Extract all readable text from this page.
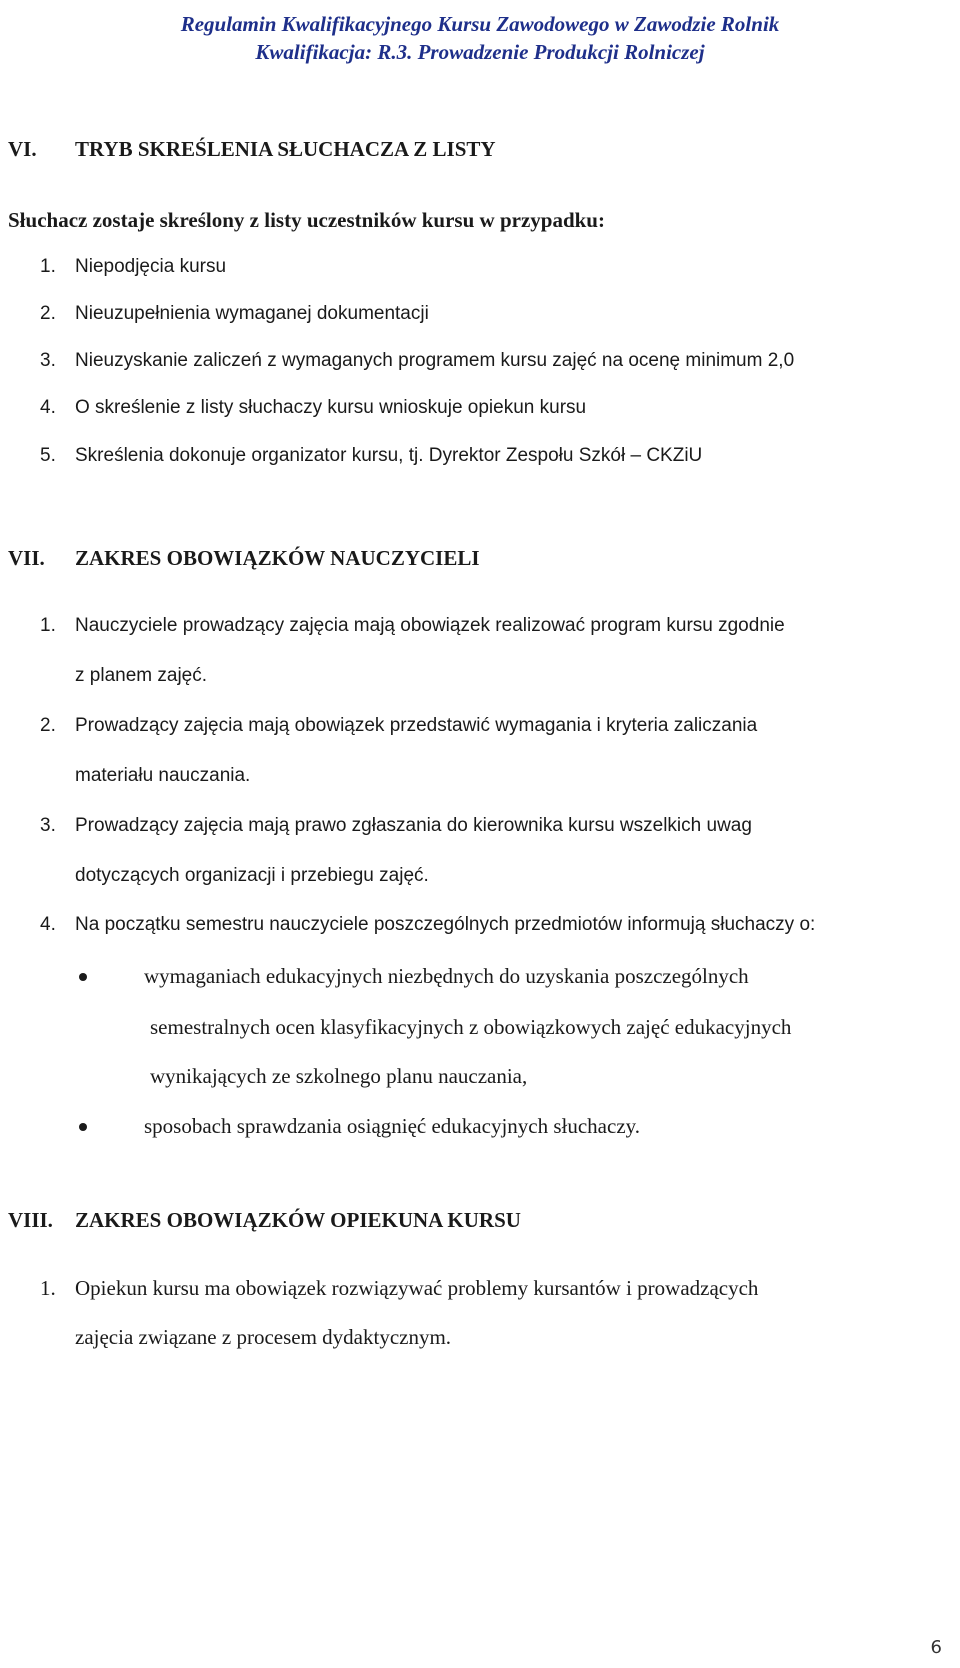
Regulamin Kwalifikacyjnego Kursu Zawodowego w Zawodzie Rolnik
Kwalifikacja: R.3. Prowadzenie Produkcji Rolniczej
VI. TRYB SKREŚLENIA SŁUCHACZA Z LISTY
Słuchacz zostaje skreślony z listy uczestników kursu w przypadku:
1. Niepodjęcia kursu
2. Nieuzupełnienia wymaganej dokumentacji
3. Nieuzyskanie zaliczeń z wymaganych programem kursu zajęć na ocenę minimum 2,0
4. O skreślenie z listy słuchaczy kursu wnioskuje opiekun kursu
5. Skreślenia dokonuje organizator kursu, tj. Dyrektor Zespołu Szkół – CKZiU
VII. ZAKRES OBOWIĄZKÓW NAUCZYCIELI
1. Nauczyciele prowadzący zajęcia mają obowiązek realizować program kursu zgodnie
z planem zajęć.
2. Prowadzący zajęcia mają obowiązek przedstawić wymagania i kryteria zaliczania
materiału nauczania.
3. Prowadzący zajęcia mają prawo zgłaszania do kierownika kursu wszelkich uwag
dotyczących organizacji i przebiegu zajęć.
4. Na początku semestru nauczyciele poszczególnych przedmiotów informują słuchaczy o:
wymaganiach edukacyjnych niezbędnych do uzyskania poszczególnych
semestralnych ocen klasyfikacyjnych z obowiązkowych zajęć edukacyjnych
wynikających ze szkolnego planu nauczania,
sposobach sprawdzania osiągnięć edukacyjnych słuchaczy.
VIII. ZAKRES OBOWIĄZKÓW OPIEKUNA KURSU
1. Opiekun kursu ma obowiązek rozwiązywać problemy kursantów i prowadzących
zajęcia związane z procesem dydaktycznym.
6
